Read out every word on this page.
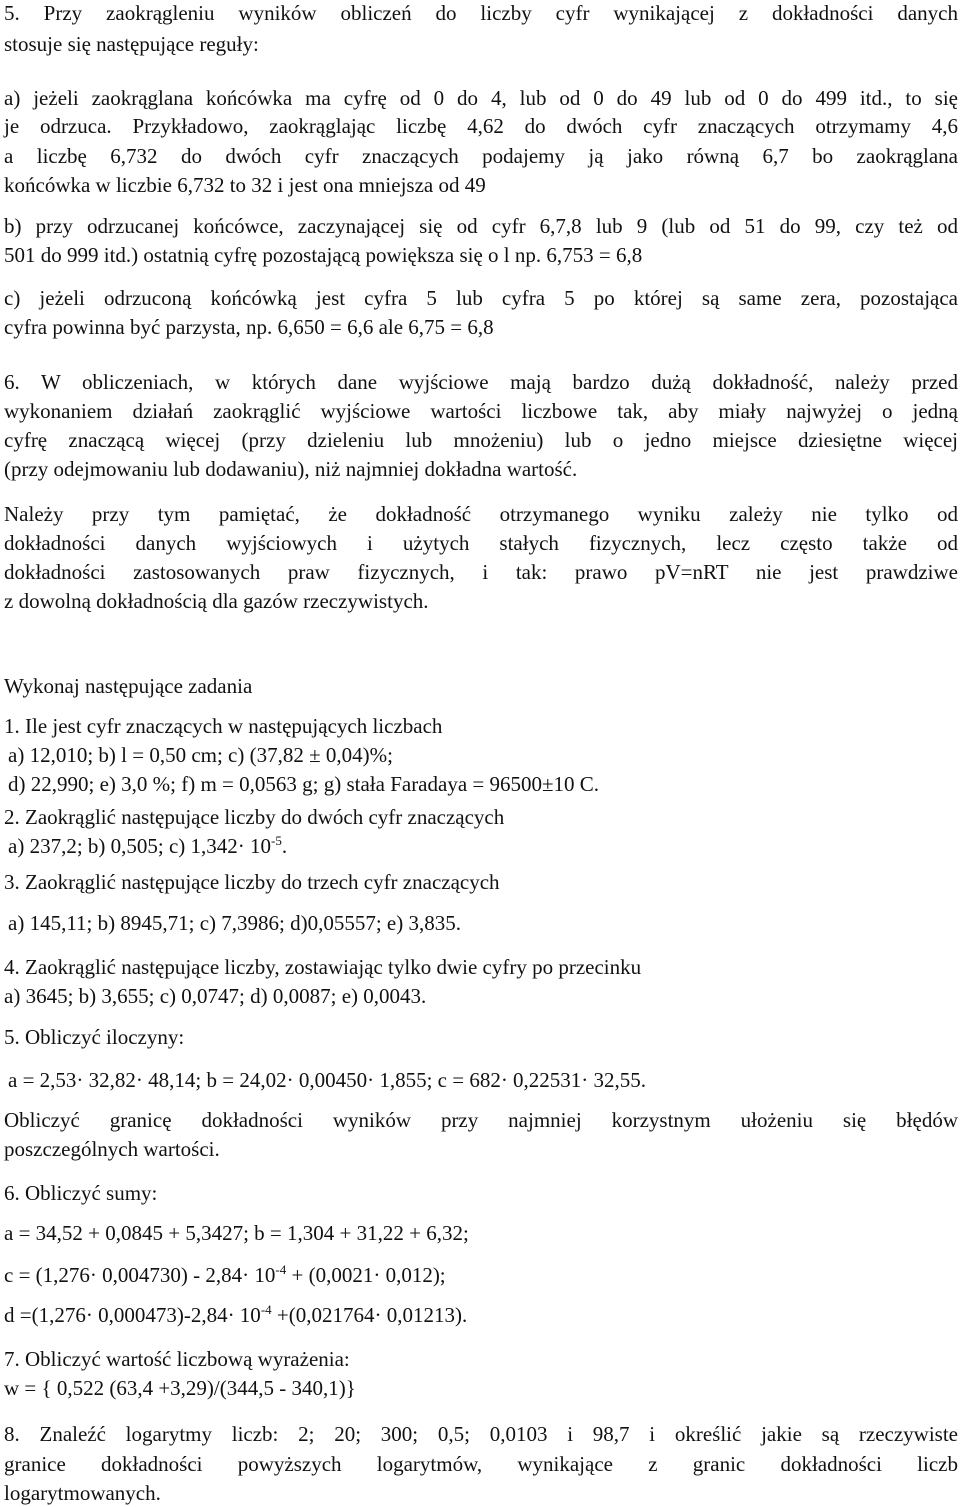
5. Przy zaokrągleniu wyników obliczeń do liczby cyfr wynikającej z dokładności danych
stosuje się następujące reguły:
a) jeżeli zaokrąglana końcówka ma cyfrę od 0 do 4, lub od 0 do 49 lub od 0 do 499 itd., to się
je odrzuca. Przykładowo, zaokrąglając liczbę 4,62 do dwóch cyfr znaczących otrzymamy 4,6
a liczbę 6,732 do dwóch cyfr znaczących podajemy ją jako równą 6,7 bo zaokrąglana
końcówka w liczbie 6,732 to 32 i jest ona mniejsza od 49
b) przy odrzucanej końcówce, zaczynającej się od cyfr 6,7,8 lub 9 (lub od 51 do 99, czy też od
501 do 999 itd.) ostatnią cyfrę pozostającą powiększa się o l np. 6,753 = 6,8
c) jeżeli odrzuconą końcówką jest cyfra 5 lub cyfra 5 po której są same zera, pozostająca
cyfra powinna być parzysta, np. 6,650 = 6,6 ale 6,75 = 6,8
6. W obliczeniach, w których dane wyjściowe mają bardzo dużą dokładność, należy przed
wykonaniem działań zaokrąglić wyjściowe wartości liczbowe tak, aby miały najwyżej o jedną
cyfrę znaczącą więcej (przy dzieleniu lub mnożeniu) lub o jedno miejsce dziesiętne więcej
(przy odejmowaniu lub dodawaniu), niż najmniej dokładna wartość.
Należy przy tym pamiętać, że dokładność otrzymanego wyniku zależy nie tylko od
dokładności danych wyjściowych i użytych stałych fizycznych, lecz często także od
dokładności zastosowanych praw fizycznych, i tak: prawo pV=nRT nie jest prawdziwe
z dowolną dokładnością dla gazów rzeczywistych.
Wykonaj następujące zadania
1. Ile jest cyfr znaczących w następujących liczbach
a) 12,010; b) l = 0,50 cm; c) (37,82 ± 0,04)%;
d) 22,990; e) 3,0 %; f) m = 0,0563 g; g) stała Faradaya = 96500±10 C.
2. Zaokrąglić następujące liczby do dwóch cyfr znaczących
a) 237,2; b) 0,505; c) $1,342\cdot 10^{-5}$.
3. Zaokrąglić następujące liczby do trzech cyfr znaczących
a) 145,11; b) 8945,71; c) 7,3986; d)0,05557; e) 3,835.
4. Zaokrąglić następujące liczby, zostawiając tylko dwie cyfry po przecinku
a) 3645; b) 3,655; c) 0,0747; d) 0,0087; e) 0,0043.
5. Obliczyć iloczyny:
a = 2,53· 32,82· 48,14; b = 24,02· 0,00450· 1,855; c = 682· 0,22531· 32,55.
Obliczyć granicę dokładności wyników przy najmniej korzystnym ułożeniu się błędów
poszczególnych wartości.
6. Obliczyć sumy:
a = 34,52 + 0,0845 + 5,3427; b = 1,304 + 31,22 + 6,32;
$c = (1,276\cdot 0,004730) - 2,84\cdot 10^{-4} + (0,0021\cdot 0,012)$;
$d =(1,276\cdot 0,000473)-2,84\cdot 10^{-4} +(0,021764\cdot 0,01213)$.
7. Obliczyć wartość liczbową wyrażenia:
w = { 0,522 (63,4 +3,29)/(344,5 - 340,1)}
8. Znaleźć logarytmy liczb: 2; 20; 300; 0,5; 0,0103 i 98,7 i określić jakie są rzeczywiste
granice dokładności powyższych logarytmów, wynikające z granic dokładności liczb
logarytmowanych.
